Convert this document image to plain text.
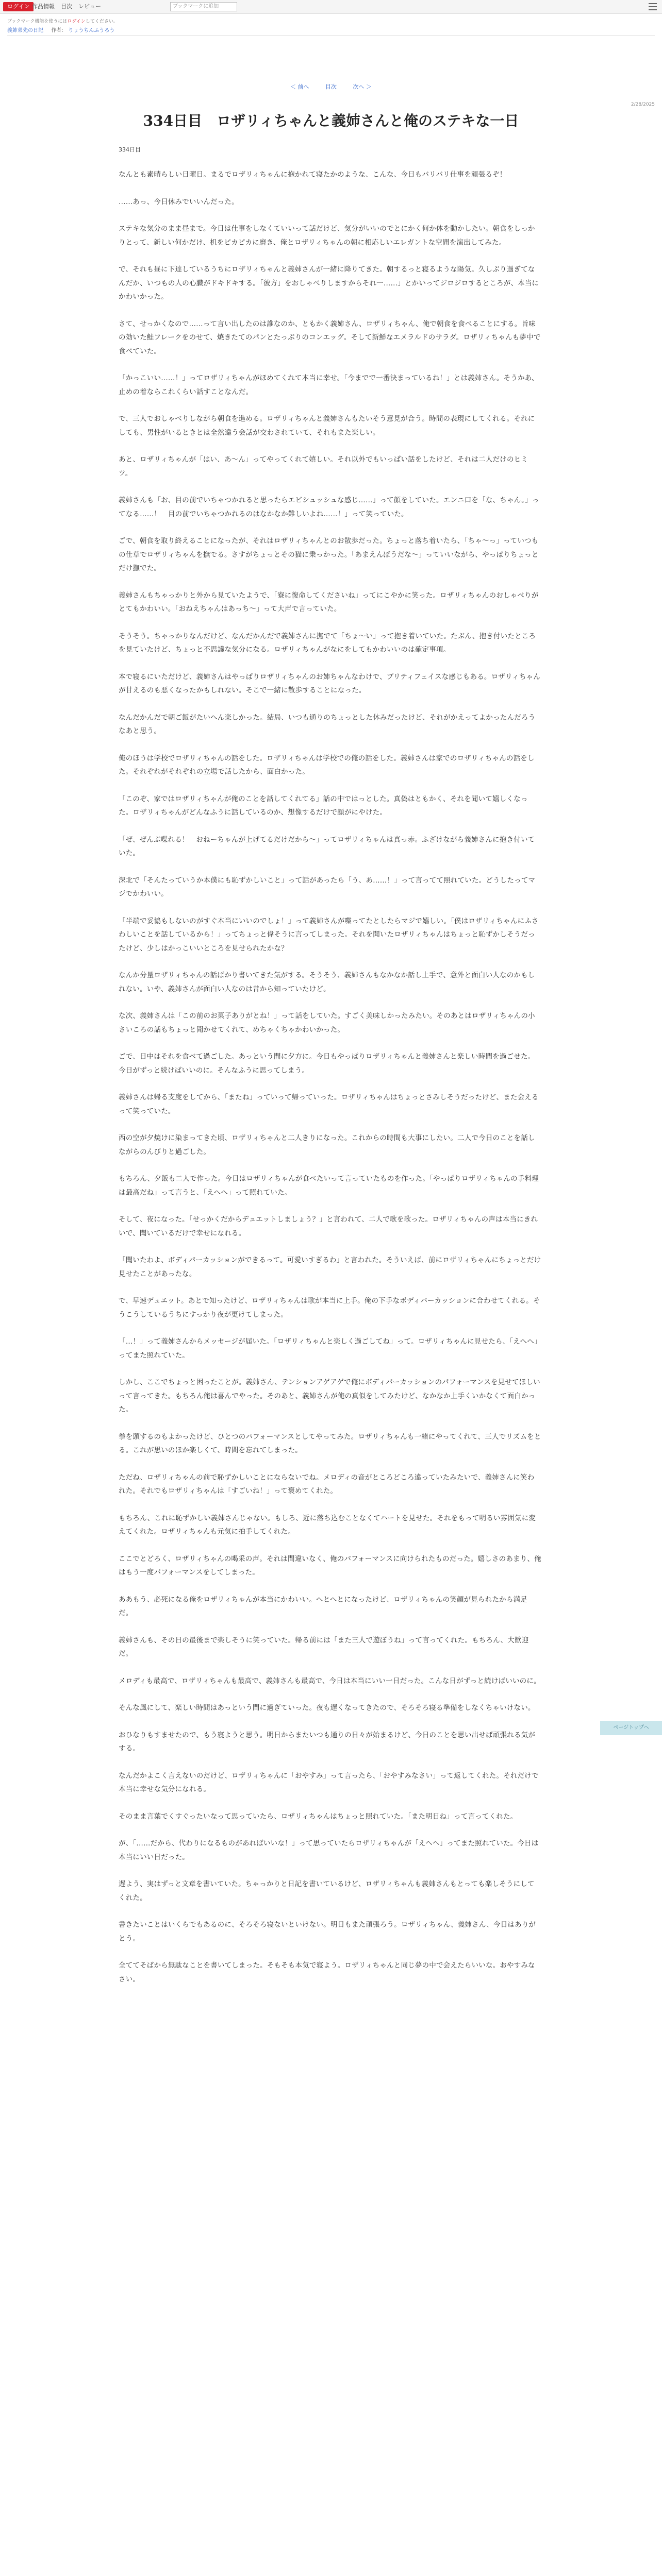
ログイン 作品情報 目次 レビュー	ブックマークに追加
ブックマーク機能を使うにはログインしてください。
義姉弟先の日記 作者： りょうちんふうろう
＜ 前へ	目次	次へ ＞
2/28/2025
334日目　ロザリィちゃんと義姉さんと俺のステキな一日
334日目

なんとも素晴らしい日曜日。まるでロザリィちゃんに抱かれて寝たかのような、こんな、今日もバリバリ仕事を頑張るぞ！

……あっ、今日休みでいいんだった。

ステキな気分のまま昼まで。今日は仕事をしなくていいって話だけど、気分がいいのでとにかく何か体を動かしたい。朝食をしっかりとって、新しい何かだけ、机をピカピカに磨き、俺とロザリィちゃんの朝に相応しいエレガントな空間を演出してみた。

で、それも昼に下達しているうちにロザリィちゃんと義姉さんが一緒に降りてきた。朝するっと寝るような陽気。久しぶり過ぎてなんだか、いつもの人の心臓がドキドキする。「彼方」をおしゃべりしますからそれ一……」とかいってジロジロするところが、本当にかわいかった。

さて、せっかくなので……って言い出したのは誰なのか、ともかく義姉さん、ロザリィちゃん、俺で朝食を食べることにする。旨味の効いた鮭フレークをのせて、焼きたてのパンとたっぷりのコンエッグ。そして新鮮なエメラルドのサラダ。ロザリィちゃんも夢中で食べていた。

「かっこいい……！」ってロザリィちゃんがほめてくれて本当に幸せ。「今までで一番決まっているね！」とは義姉さん。そうかあ、止めの着ならこれくらい話すことなんだ。

で、三人でおしゃべりしながら朝食を進める。ロザリィちゃんと義姉さんもたいそう意見が合う。時間の表現にしてくれる。それにしても、男性がいるときとは全然違う会話が交わされていて、それもまた楽しい。

あと、ロザリィちゃんが「はい、あ～ん」ってやってくれて嬉しい。それ以外でもいっぱい話をしたけど、それは二人だけのヒミツ。

義姉さんも「お、目の前でいちゃつかれると思ったらエビシュッシュな感じ……」って顔をしていた。エンニ口を「な、ちゃん。」ってなる……！　目の前でいちゃつかれるのはなかなか難しいよね……！」って笑っていた。

ごで、朝食を取り終えることになったが、それはロザリィちゃんとのお散歩だった。ちょっと落ち着いたら、「ちゃ～っ」っていつもの仕草でロザリィちゃんを撫でる。さすがちょっとその猫に乗っかった。「あまえんぼうだな～」っていいながら、やっぱりちょっとだけ撫でた。

義姉さんもちゃっかりと外から見ていたようで、「寮に復命してくださいね」ってにこやかに笑った。ロザリィちゃんのおしゃべりがとてもかわいい。「おねえちゃんはあっち～」って大声で言っていた。

そうそう。ちゃっかりなんだけど、なんだかんだで義姉さんに撫でて「ちょ～い」って抱き着いていた。たぶん、抱き付いたところを見ていたけど、ちょっと不思議な気分になる。ロザリィちゃんがなにをしてもかわいいのは確定事項。

本で寝るにいただけど、義姉さんはやっぱりロザリィちゃんのお姉ちゃんなわけで、プリティフェイスな感じもある。ロザリィちゃんが甘えるのも悪くなったかもしれない。そこで一緒に散歩することになった。

なんだかんだで朝ご飯がたいへん楽しかった。結局、いつも通りのちょっとした休みだったけど、それがかえってよかったんだろうなあと思う。

俺のほうは学校でロザリィちゃんの話をした。ロザリィちゃんは学校での俺の話をした。義姉さんは家でのロザリィちゃんの話をした。それぞれがそれぞれの立場で話したから、面白かった。

「このぞ、家ではロザリィちゃんが俺のことを話してくれてる」話の中ではっとした。真偽はともかく、それを聞いて嬉しくなった。ロザリィちゃんがどんなふうに話しているのか、想像するだけで顔がにやけた。

「ぜ、ぜんぶ喋れる！　おねーちゃんが上げてるだけだから～」ってロザリィちゃんは真っ赤。ふざけながら義姉さんに抱き付いていた。

深北で「そんたっていうか本僕にも恥ずかしいこと」って話があったら「う、あ……！」って言ってて照れていた。どうしたってマジでかわいい。

「半端で妥協もしないのがすぐ本当にいいのでしょ！」って義姉さんが喋ってたとしたらマジで嬉しい。「僕はロザリィちゃんにふさわしいことを話しているから！」ってちょっと偉そうに言ってしまった。それを聞いたロザリィちゃんはちょっと恥ずかしそうだったけど、少しはかっこいいところを見せられたかな？

なんか分量ロザリィちゃんの話ばかり書いてきた気がする。そうそう、義姉さんもなかなか話し上手で、意外と面白い人なのかもしれない。いや、義姉さんが面白い人なのは昔から知っていたけど。

な次、義姉さんは「この前のお菓子ありがとね！」って話をしていた。すごく美味しかったみたい。そのあとはロザリィちゃんの小さいころの話もちょっと聞かせてくれて、めちゃくちゃかわいかった。

ごで、日中はそれを食べて過ごした。あっという間に夕方に。今日もやっぱりロザリィちゃんと義姉さんと楽しい時間を過ごせた。今日がずっと続けばいいのに。そんなふうに思ってしまう。

義姉さんは帰る支度をしてから、「またね」っていって帰っていった。ロザリィちゃんはちょっとさみしそうだったけど、また会えるって笑っていた。

西の空が夕焼けに染まってきた頃、ロザリィちゃんと二人きりになった。これからの時間も大事にしたい。二人で今日のことを話しながらのんびりと過ごした。

もちろん、夕飯も二人で作った。今日はロザリィちゃんが食べたいって言っていたものを作った。「やっぱりロザリィちゃんの手料理は最高だね」って言うと、「えへへ」って照れていた。

そして、夜になった。「せっかくだからデュエットしましょう？」と言われて、二人で歌を歌った。ロザリィちゃんの声は本当にきれいで、聞いているだけで幸せになれる。

「聞いたわよ、ボディパーカッションができるって。可愛いすぎるわ」と言われた。そういえば、前にロザリィちゃんにちょっとだけ見せたことがあったな。

で、早速デュエット。あとで知ったけど、ロザリィちゃんは歌が本当に上手。俺の下手なボディパーカッションに合わせてくれる。そうこうしているうちにすっかり夜が更けてしまった。

「…！」って義姉さんからメッセージが届いた。「ロザリィちゃんと楽しく過ごしてね」って。ロザリィちゃんに見せたら、「えへへ」ってまた照れていた。

しかし、ここでちょっと困ったことが。義姉さん、テンションアゲアゲで俺にボディパーカッションのパフォーマンスを見せてほしいって言ってきた。もちろん俺は喜んでやった。そのあと、義姉さんが俺の真似をしてみたけど、なかなか上手くいかなくて面白かった。

拳を頭するのもよかったけど、ひとつのパフォーマンスとしてやってみた。ロザリィちゃんも一緒にやってくれて、三人でリズムをとる。これが思いのほか楽しくて、時間を忘れてしまった。

ただね、ロザリィちゃんの前で恥ずかしいことにならないでね。メロディの音がところどころ違っていたみたいで、義姉さんに笑われた。それでもロザリィちゃんは「すごいね！」って褒めてくれた。

もちろん、これに恥ずかしい義姉さんじゃない。もしろ、近に落ち込むことなくてハートを見せた。それをもって明るい雰囲気に変えてくれた。ロザリィちゃんも元気に拍手してくれた。

ここでとどろく、ロザリィちゃんの喝采の声。それは間違いなく、俺のパフォーマンスに向けられたものだった。嬉しさのあまり、俺はもう一度パフォーマンスをしてしまった。

ああもう、必死になる俺をロザリィちゃんが本当にかわいい。へとへとになったけど、ロザリィちゃんの笑顔が見られたから満足だ。

義姉さんも、その日の最後まで楽しそうに笑っていた。帰る前には「また三人で遊ぼうね」って言ってくれた。もちろん、大歓迎だ。

メロディも最高で、ロザリィちゃんも最高で、義姉さんも最高で、今日は本当にいい一日だった。こんな日がずっと続けばいいのに。

そんな風にして、楽しい時間はあっという間に過ぎていった。夜も遅くなってきたので、そろそろ寝る準備をしなくちゃいけない。

おひなりもすませたので、もう寝ようと思う。明日からまたいつも通りの日々が始まるけど、今日のことを思い出せば頑張れる気がする。

なんだかよこく言えないのだけど、ロザリィちゃんに「おやすみ」って言ったら、「おやすみなさい」って返してくれた。それだけで本当に幸せな気分になれる。

そのまま言葉でくすぐったいなって思っていたら、ロザリィちゃんはちょっと照れていた。「また明日ね」って言ってくれた。

が、「……だから、代わりになるものがあればいいな！」って思っていたらロザリィちゃんが「えへへ」ってまた照れていた。今日は本当にいい日だった。

遅よう、実はずっと文章を書いていた。ちゃっかりと日記を書いているけど、ロザリィちゃんも義姉さんもとっても楽しそうにしてくれた。

書きたいことはいくらでもあるのに、そろそろ寝ないといけない。明日もまた頑張ろう。ロザリィちゃん、義姉さん、今日はありがとう。

全ててそばから無駄なことを書いてしまった。そもそも本気で寝よう。ロザリィちゃんと同じ夢の中で会えたらいいな。おやすみなさい。

ページトップへ
